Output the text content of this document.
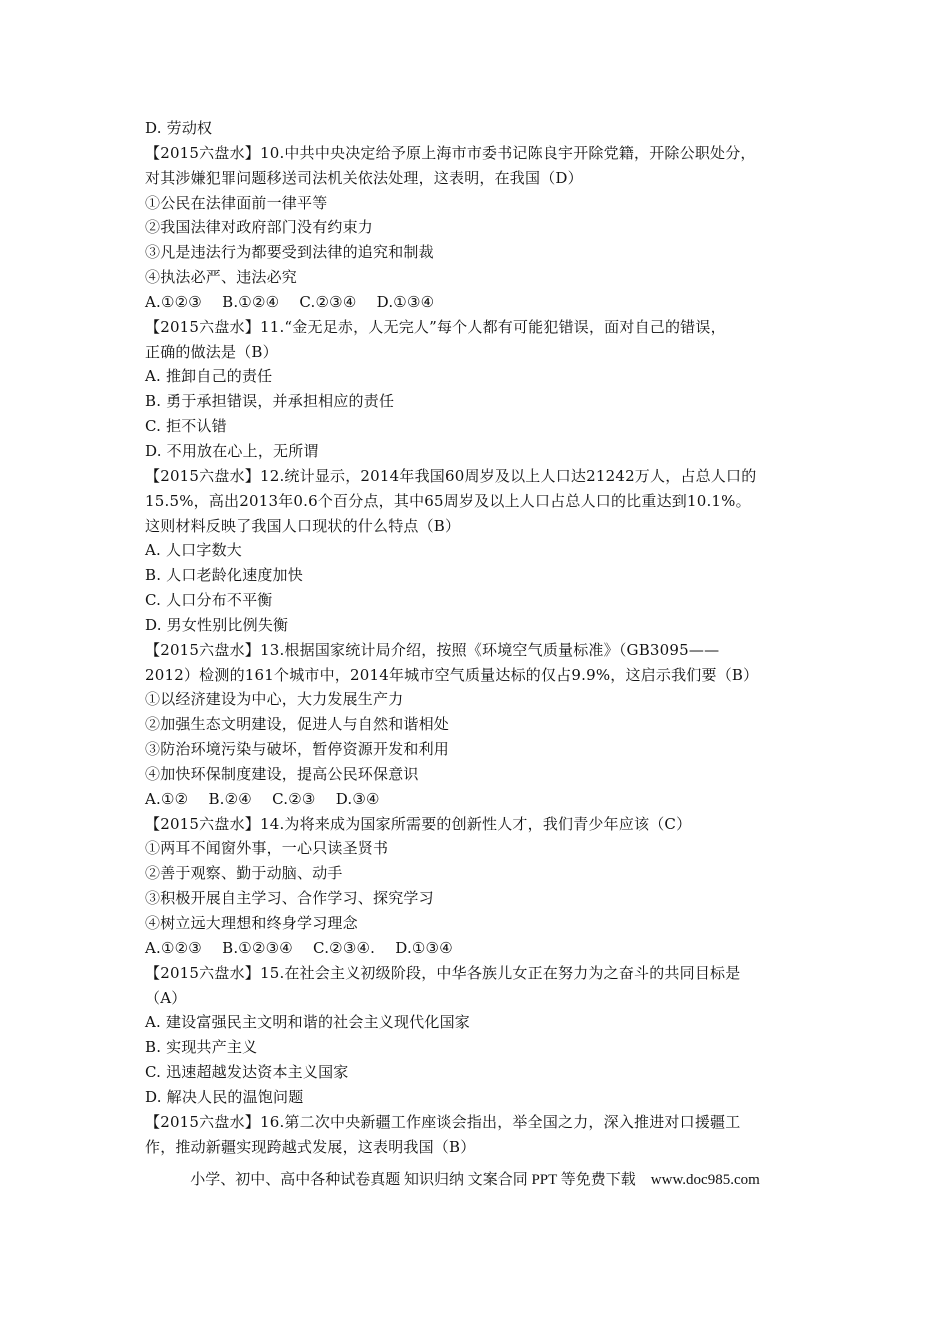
D. 劳动权
【2015六盘水】10.中共中央决定给予原上海市市委书记陈良宇开除党籍，开除公职处分，
对其涉嫌犯罪问题移送司法机关依法处理，这表明，在我国（D）
①公民在法律面前一律平等
②我国法律对政府部门没有约束力
③凡是违法行为都要受到法律的追究和制裁
④执法必严、违法必究
A.①②③　 B.①②④　 C.②③④　 D.①③④
【2015六盘水】11.“金无足赤，人无完人”每个人都有可能犯错误，面对自己的错误，
正确的做法是（B）
A. 推卸自己的责任
B. 勇于承担错误，并承担相应的责任
C. 拒不认错
D. 不用放在心上，无所谓
【2015六盘水】12.统计显示，2014年我国60周岁及以上人口达21242万人，占总人口的
15.5%，高出2013年0.6个百分点，其中65周岁及以上人口占总人口的比重达到10.1%。
这则材料反映了我国人口现状的什么特点（B）
A. 人口字数大
B. 人口老龄化速度加快
C. 人口分布不平衡
D. 男女性别比例失衡
【2015六盘水】13.根据国家统计局介绍，按照《环境空气质量标准》（GB3095——
2012）检测的161个城市中，2014年城市空气质量达标的仅占9.9%，这启示我们要（B）
①以经济建设为中心，大力发展生产力
②加强生态文明建设，促进人与自然和谐相处
③防治环境污染与破坏，暂停资源开发和利用
④加快环保制度建设，提高公民环保意识
A.①②　 B.②④　 C.②③　 D.③④
【2015六盘水】14.为将来成为国家所需要的创新性人才，我们青少年应该（C）
①两耳不闻窗外事，一心只读圣贤书
②善于观察、勤于动脑、动手
③积极开展自主学习、合作学习、探究学习
④树立远大理想和终身学习理念
A.①②③　 B.①②③④　 C.②③④.　 D.①③④
【2015六盘水】15.在社会主义初级阶段，中华各族儿女正在努力为之奋斗的共同目标是
（A）
A. 建设富强民主文明和谐的社会主义现代化国家
B. 实现共产主义
C. 迅速超越发达资本主义国家
D. 解决人民的温饱问题
【2015六盘水】16.第二次中央新疆工作座谈会指出，举全国之力，深入推进对口援疆工
作，推动新疆实现跨越式发展，这表明我国（B）
小学、初中、高中各种试卷真题 知识归纳 文案合同 PPT 等免费下载　www.doc985.com
